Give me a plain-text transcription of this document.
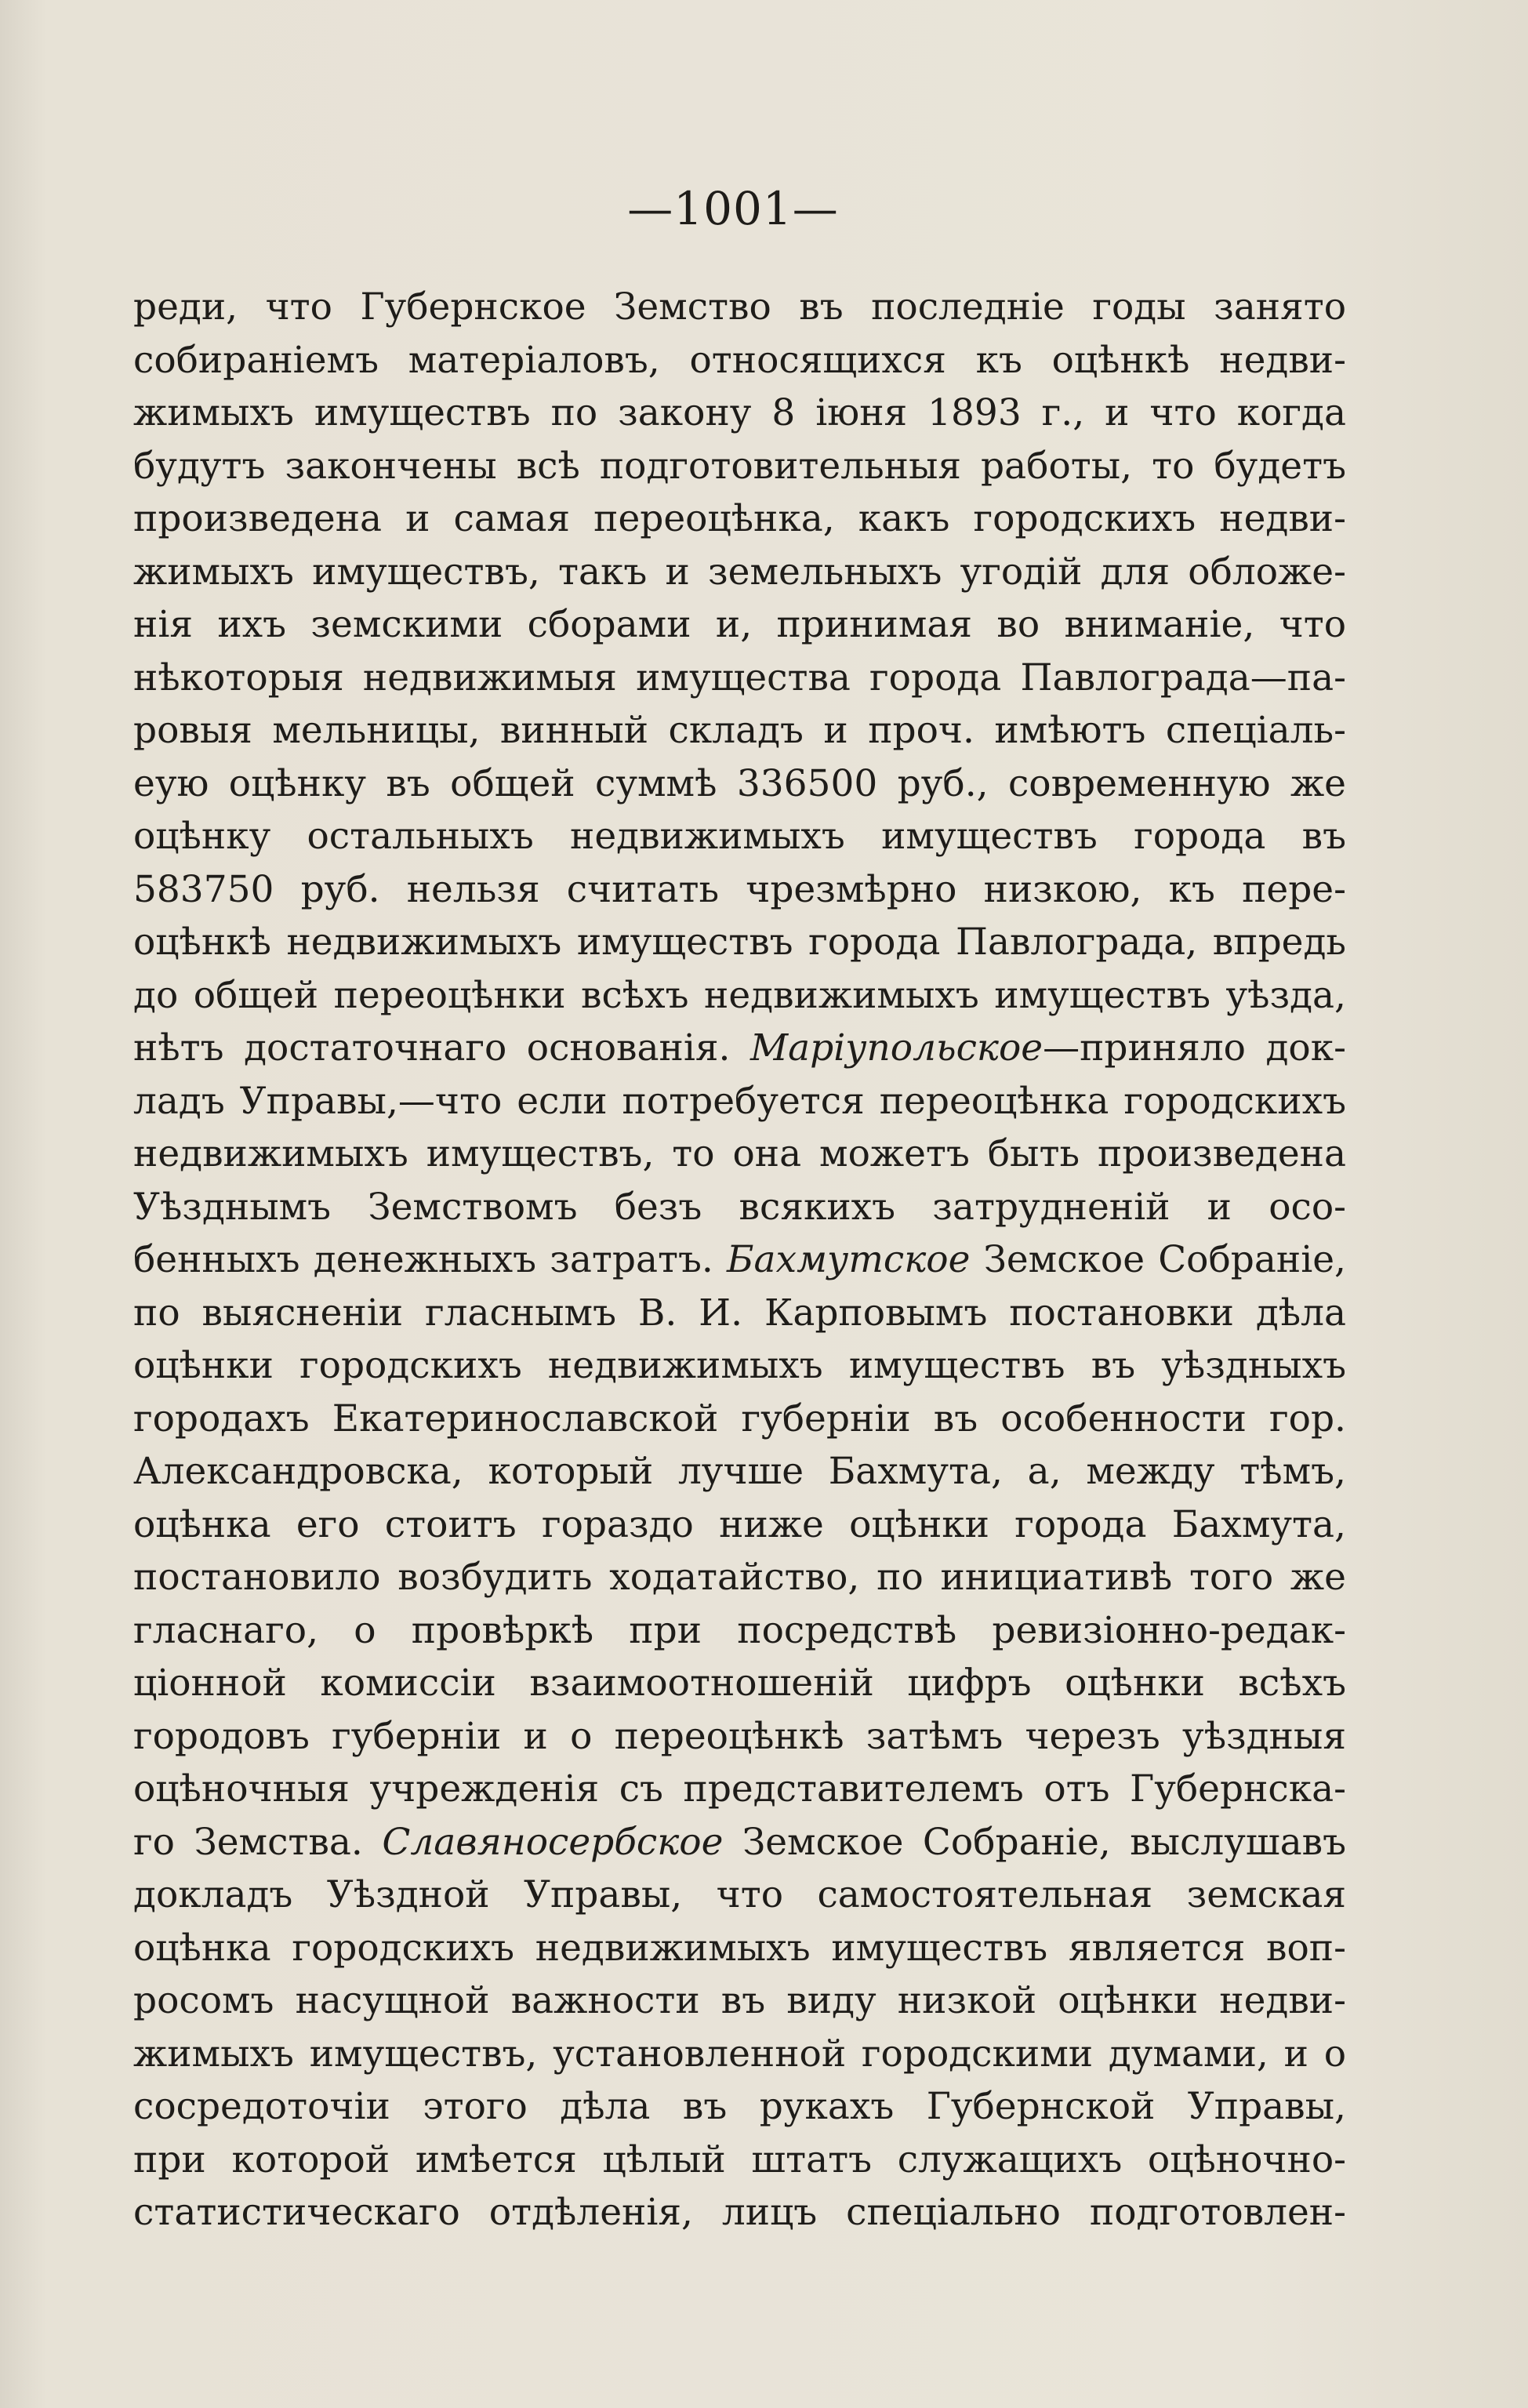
—1001—
реди, что Губернское Земство въ последнiе годы занято
собиранiемъ матерiаловъ, относящихся къ оцѣнкѣ недви-
жимыхъ имуществъ по закону 8 iюня 1893 г., и что когда
будутъ закончены всѣ подготовительныя работы, то будетъ
произведена и самая переоцѣнка, какъ городскихъ недви-
жимыхъ имуществъ, такъ и земельныхъ угодiй для обложе-
нiя ихъ земскими сборами и, принимая во вниманiе, что
нѣкоторыя недвижимыя имущества города Павлограда—па-
ровыя мельницы, винный складъ и проч. имѣютъ спецiаль-
еую оцѣнку въ общей суммѣ 336500 руб., современную же
оцѣнку остальныхъ недвижимыхъ имуществъ города въ
583750 руб. нельзя считать чрезмѣрно низкою, къ пере-
оцѣнкѣ недвижимыхъ имуществъ города Павлограда, впредь
до общей переоцѣнки всѣхъ недвижимыхъ имуществъ уѣзда,
нѣтъ достаточнаго основанiя. Марiупольское—приняло док-
ладъ Управы,—что если потребуется переоцѣнка городскихъ
недвижимыхъ имуществъ, то она можетъ быть произведена
Уѣзднымъ Земствомъ безъ всякихъ затрудненiй и осо-
бенныхъ денежныхъ затратъ. Бахмутское Земское Собранiе,
по выясненiи гласнымъ В. И. Карповымъ постановки дѣла
оцѣнки городскихъ недвижимыхъ имуществъ въ уѣздныхъ
городахъ Екатеринославской губернiи въ особенности гор.
Александровска, который лучше Бахмута, а, между тѣмъ,
оцѣнка его стоитъ гораздо ниже оцѣнки города Бахмута,
постановило возбудить ходатайство, по инициативѣ того же
гласнаго, о провѣркѣ при посредствѣ ревизiонно-редак-
цiонной комиссiи взаимоотношенiй цифръ оцѣнки всѣхъ
городовъ губернiи и о переоцѣнкѣ затѣмъ черезъ уѣздныя
оцѣночныя учрежденiя съ представителемъ отъ Губернска-
го Земства. Славяносербское Земское Собранiе, выслушавъ
докладъ Уѣздной Управы, что самостоятельная земская
оцѣнка городскихъ недвижимыхъ имуществъ является воп-
росомъ насущной важности въ виду низкой оцѣнки недви-
жимыхъ имуществъ, установленной городскими думами, и о
сосредоточiи этого дѣла въ рукахъ Губернской Управы,
при которой имѣется цѣлый штатъ служащихъ оцѣночно-
статистическаго отдѣленiя, лицъ спецiально подготовлен-
